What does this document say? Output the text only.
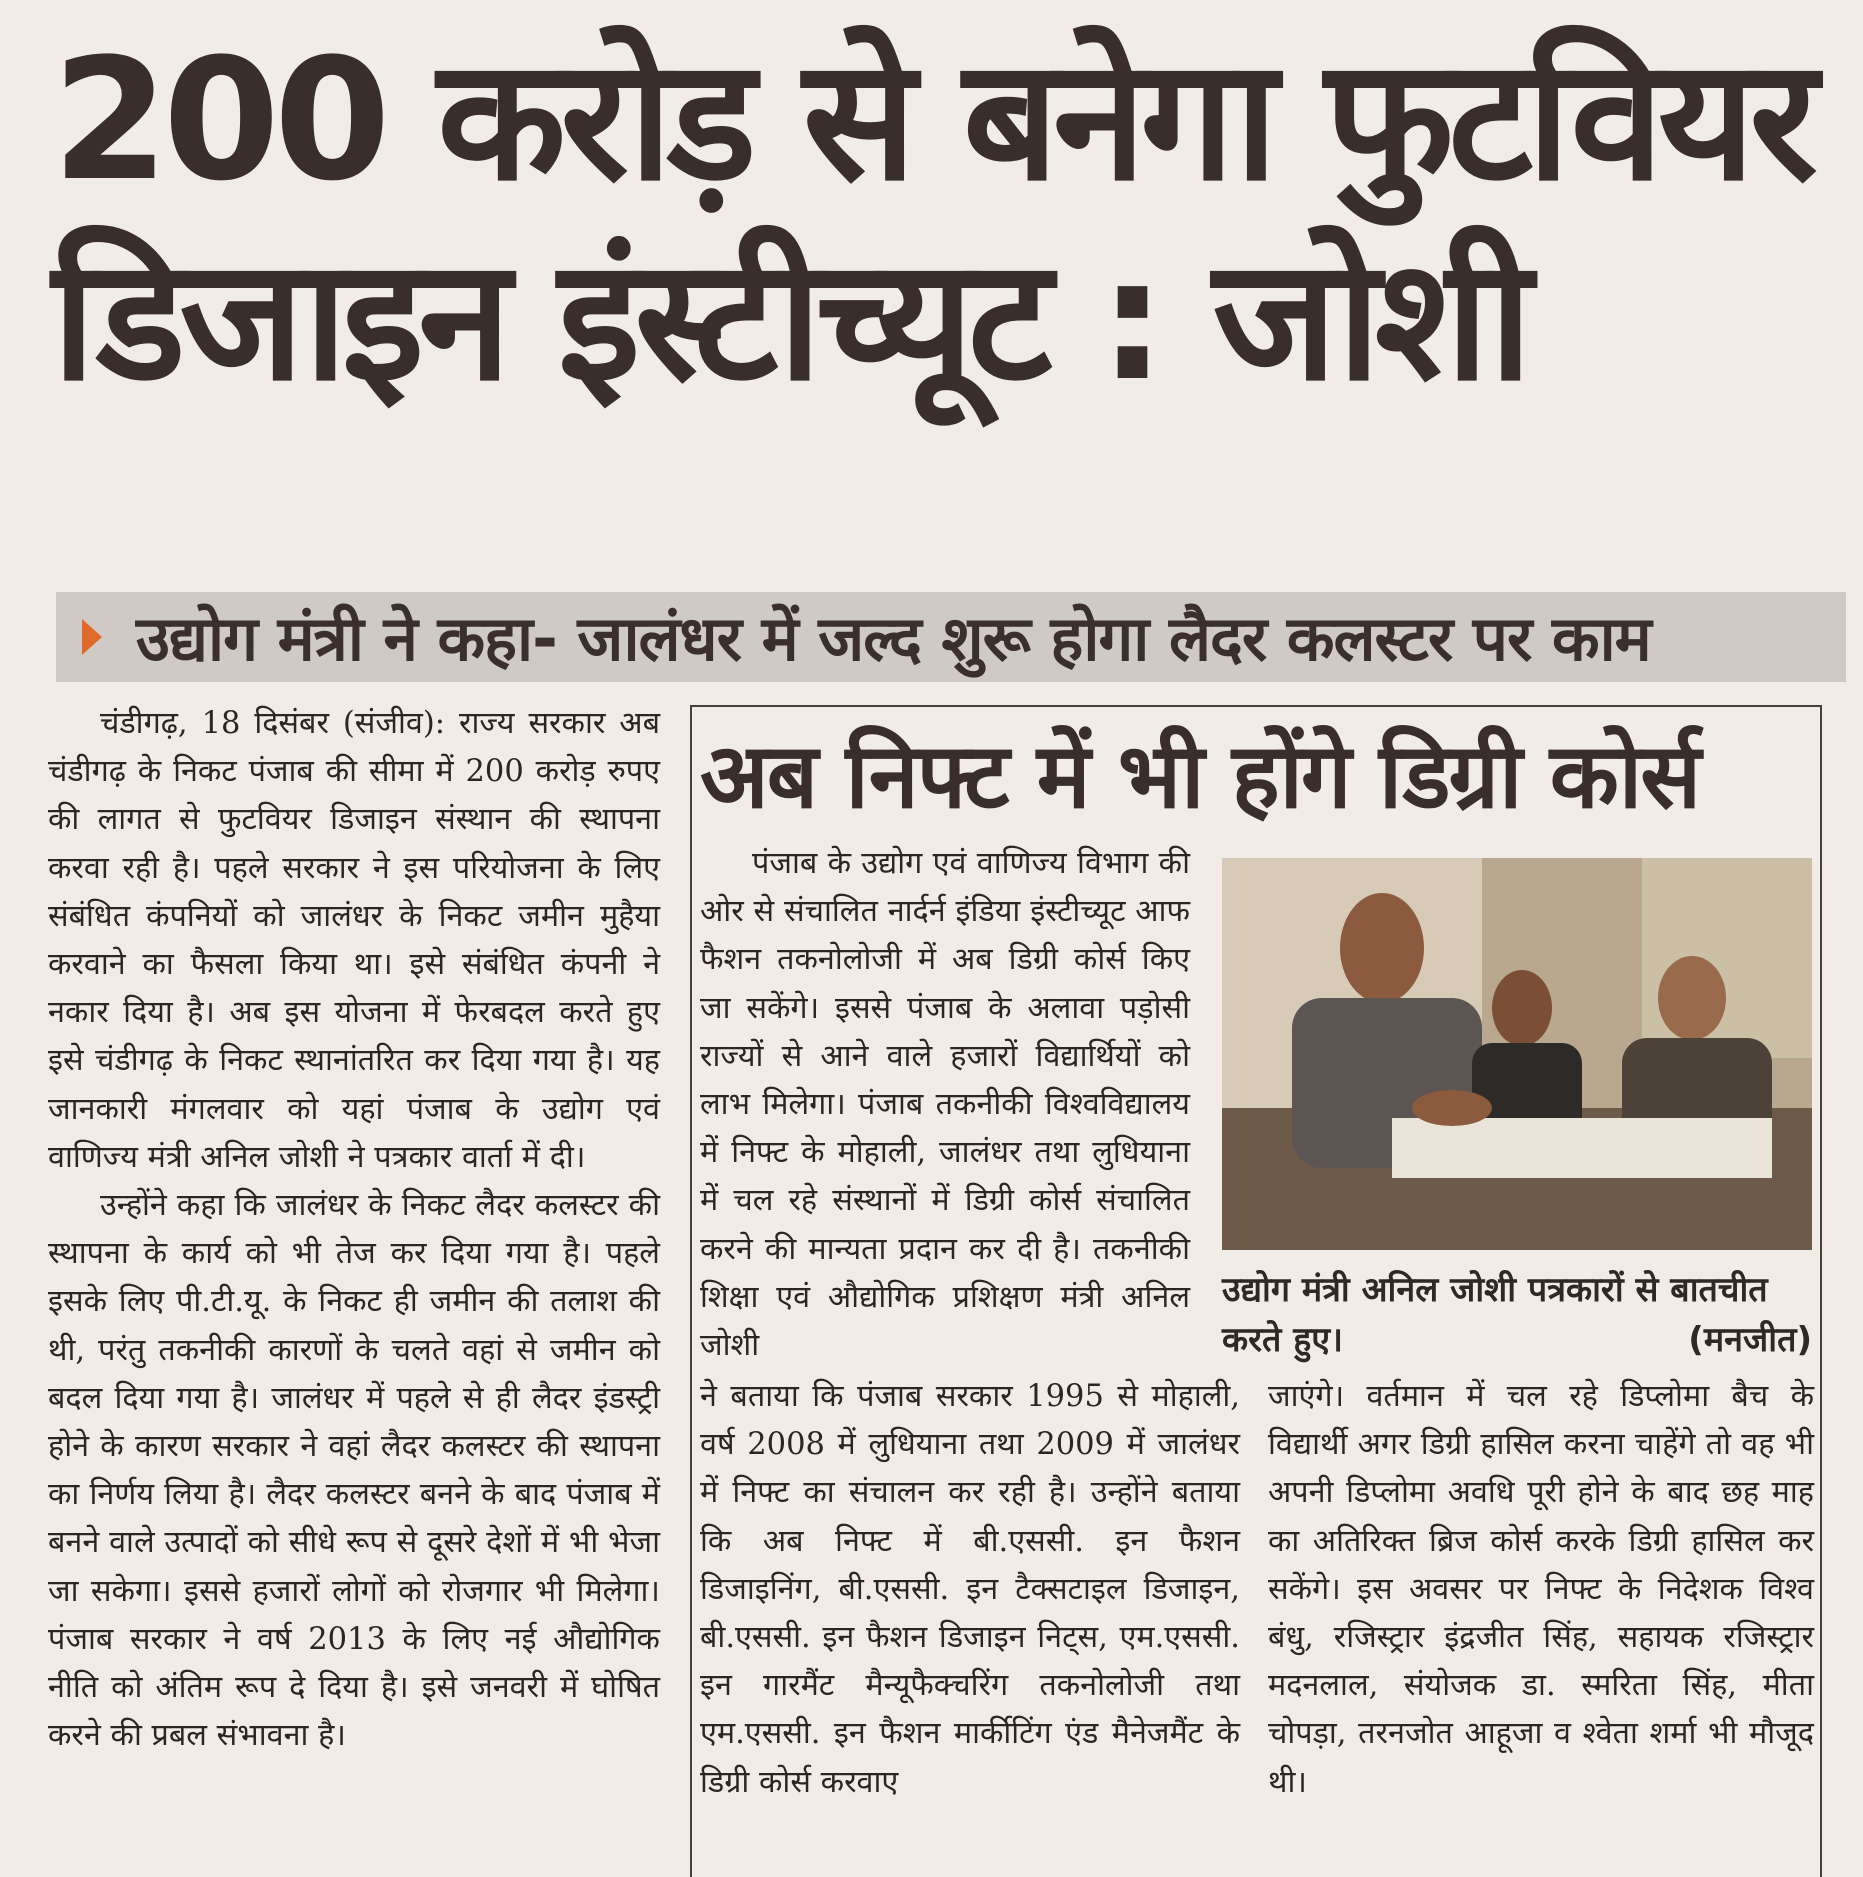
200 करोड़ से बनेगा फुटवियर
डिजाइन इंस्टीच्यूट : जोशी
उद्योग मंत्री ने कहा- जालंधर में जल्द शुरू होगा लैदर कलस्टर पर काम

चंडीगढ़, 18 दिसंबर (संजीव): राज्य सरकार अब चंडीगढ़ के निकट पंजाब की सीमा में 200 करोड़ रुपए की लागत से फुटवियर डिजाइन संस्थान की स्थापना करवा रही है। पहले सरकार ने इस परियोजना के लिए संबंधित कंपनियों को जालंधर के निकट जमीन मुहैया करवाने का फैसला किया था। इसे संबंधित कंपनी ने नकार दिया है। अब इस योजना में फेरबदल करते हुए इसे चंडीगढ़ के निकट स्थानांतरित कर दिया गया है। यह जानकारी मंगलवार को यहां पंजाब के उद्योग एवं वाणिज्य मंत्री अनिल जोशी ने पत्रकार वार्ता में दी।

उन्होंने कहा कि जालंधर के निकट लैदर कलस्टर की स्थापना के कार्य को भी तेज कर दिया गया है। पहले इसके लिए पी.टी.यू. के निकट ही जमीन की तलाश की थी, परंतु तकनीकी कारणों के चलते वहां से जमीन को बदल दिया गया है। जालंधर में पहले से ही लैदर इंडस्ट्री होने के कारण सरकार ने वहां लैदर कलस्टर की स्थापना का निर्णय लिया है। लैदर कलस्टर बनने के बाद पंजाब में बनने वाले उत्पादों को सीधे रूप से दूसरे देशों में भी भेजा जा सकेगा। इससे हजारों लोगों को रोजगार भी मिलेगा। पंजाब सरकार ने वर्ष 2013 के लिए नई औद्योगिक नीति को अंतिम रूप दे दिया है। इसे जनवरी में घोषित करने की प्रबल संभावना है।

अब निफ्ट में भी होंगे डिग्री कोर्स

पंजाब के उद्योग एवं वाणिज्य विभाग की ओर से संचालित नार्दर्न इंडिया इंस्टीच्यूट आफ फैशन तकनोलोजी में अब डिग्री कोर्स किए जा सकेंगे। इससे पंजाब के अलावा पड़ोसी राज्यों से आने वाले हजारों विद्यार्थियों को लाभ मिलेगा। पंजाब तकनीकी विश्वविद्यालय में निफ्ट के मोहाली, जालंधर तथा लुधियाना में चल रहे संस्थानों में डिग्री कोर्स संचालित करने की मान्यता प्रदान कर दी है। तकनीकी शिक्षा एवं औद्योगिक प्रशिक्षण मंत्री अनिल जोशी

उद्योग मंत्री अनिल जोशी पत्रकारों से बातचीत करते हुए।	(मनजीत)

ने बताया कि पंजाब सरकार 1995 से मोहाली, वर्ष 2008 में लुधियाना तथा 2009 में जालंधर में निफ्ट का संचालन कर रही है। उन्होंने बताया कि अब निफ्ट में बी.एससी. इन फैशन डिजाइनिंग, बी.एससी. इन टैक्सटाइल डिजाइन, बी.एससी. इन फैशन डिजाइन निट्स, एम.एससी. इन गारमैंट मैन्यूफैक्चरिंग तकनोलोजी तथा एम.एससी. इन फैशन मार्कीटिंग एंड मैनेजमैंट के डिग्री कोर्स करवाए

जाएंगे। वर्तमान में चल रहे डिप्लोमा बैच के विद्यार्थी अगर डिग्री हासिल करना चाहेंगे तो वह भी अपनी डिप्लोमा अवधि पूरी होने के बाद छह माह का अतिरिक्त ब्रिज कोर्स करके डिग्री हासिल कर सकेंगे। इस अवसर पर निफ्ट के निदेशक विश्व बंधु, रजिस्ट्रार इंद्रजीत सिंह, सहायक रजिस्ट्रार मदनलाल, संयोजक डा. स्मरिता सिंह, मीता चोपड़ा, तरनजोत आहूजा व श्वेता शर्मा भी मौजूद थी।
